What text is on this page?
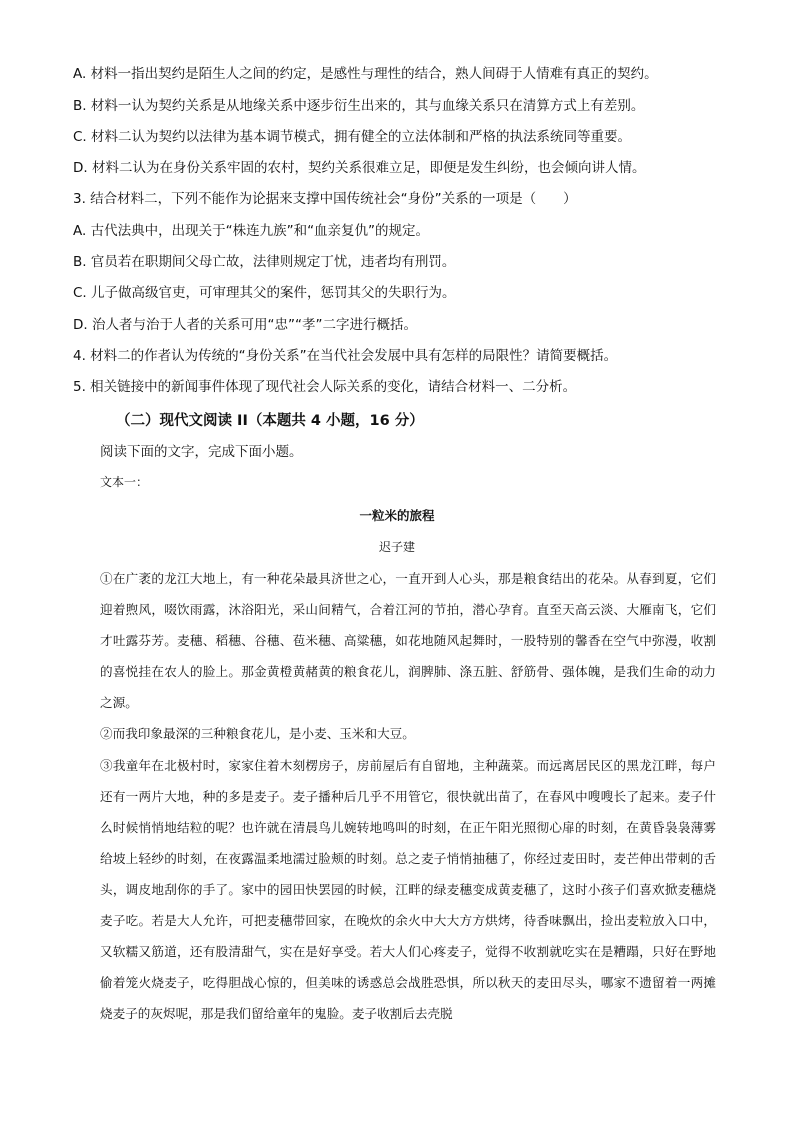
A. 材料一指出契约是陌生人之间的约定，是感性与理性的结合，熟人间碍于人情难有真正的契约。
B. 材料一认为契约关系是从地缘关系中逐步衍生出来的，其与血缘关系只在清算方式上有差别。
C. 材料二认为契约以法律为基本调节模式，拥有健全的立法体制和严格的执法系统同等重要。
D. 材料二认为在身份关系牢固的农村，契约关系很难立足，即便是发生纠纷，也会倾向讲人情。
3. 结合材料二，下列不能作为论据来支撑中国传统社会“身份”关系的一项是（　　）
A. 古代法典中，出现关于“株连九族”和“血亲复仇”的规定。
B. 官员若在职期间父母亡故，法律则规定丁忧，违者均有刑罚。
C. 儿子做高级官吏，可审理其父的案件，惩罚其父的失职行为。
D. 治人者与治于人者的关系可用“忠”“孝”二字进行概括。
4. 材料二的作者认为传统的“身份关系”在当代社会发展中具有怎样的局限性？请简要概括。
5. 相关链接中的新闻事件体现了现代社会人际关系的变化，请结合材料一、二分析。
（二）现代文阅读 II（本题共 4 小题，16 分）
阅读下面的文字，完成下面小题。
文本一：
一粒米的旅程
迟子建

①在广袤的龙江大地上，有一种花朵最具济世之心，一直开到人心头，那是粮食结出的花朵。从春到夏，它们迎着煦风，啜饮雨露，沐浴阳光，采山间精气，合着江河的节拍，潜心孕育。直至天高云淡、大雁南飞，它们才吐露芬芳。麦穗、稻穗、谷穗、苞米穗、高粱穗，如花地随风起舞时，一股特别的馨香在空气中弥漫，收割的喜悦挂在农人的脸上。那金黄橙黄赭黄的粮食花儿，润脾肺、涤五脏、舒筋骨、强体魄，是我们生命的动力之源。

②而我印象最深的三种粮食花儿，是小麦、玉米和大豆。

③我童年在北极村时，家家住着木刻楞房子，房前屋后有自留地，主种蔬菜。而远离居民区的黑龙江畔，每户还有一两片大地，种的多是麦子。麦子播种后几乎不用管它，很快就出苗了，在春风中嗖嗖长了起来。麦子什么时候悄悄地结粒的呢？也许就在清晨鸟儿婉转地鸣叫的时刻，在正午阳光照彻心扉的时刻，在黄昏袅袅薄雾给坡上轻纱的时刻，在夜露温柔地濡过脸颊的时刻。总之麦子悄悄抽穗了，你经过麦田时，麦芒伸出带刺的舌头，调皮地刮你的手了。家中的园田快罢园的时候，江畔的绿麦穗变成黄麦穗了，这时小孩子们喜欢掀麦穗烧麦子吃。若是大人允许，可把麦穗带回家，在晚炊的余火中大大方方烘烤，待香味飘出，捡出麦粒放入口中，又软糯又筋道，还有股清甜气，实在是好享受。若大人们心疼麦子，觉得不收割就吃实在是糟蹋，只好在野地偷着笼火烧麦子，吃得胆战心惊的，但美味的诱惑总会战胜恐惧，所以秋天的麦田尽头，哪家不遗留着一两摊烧麦子的灰烬呢，那是我们留给童年的鬼脸。麦子收割后去壳脱
